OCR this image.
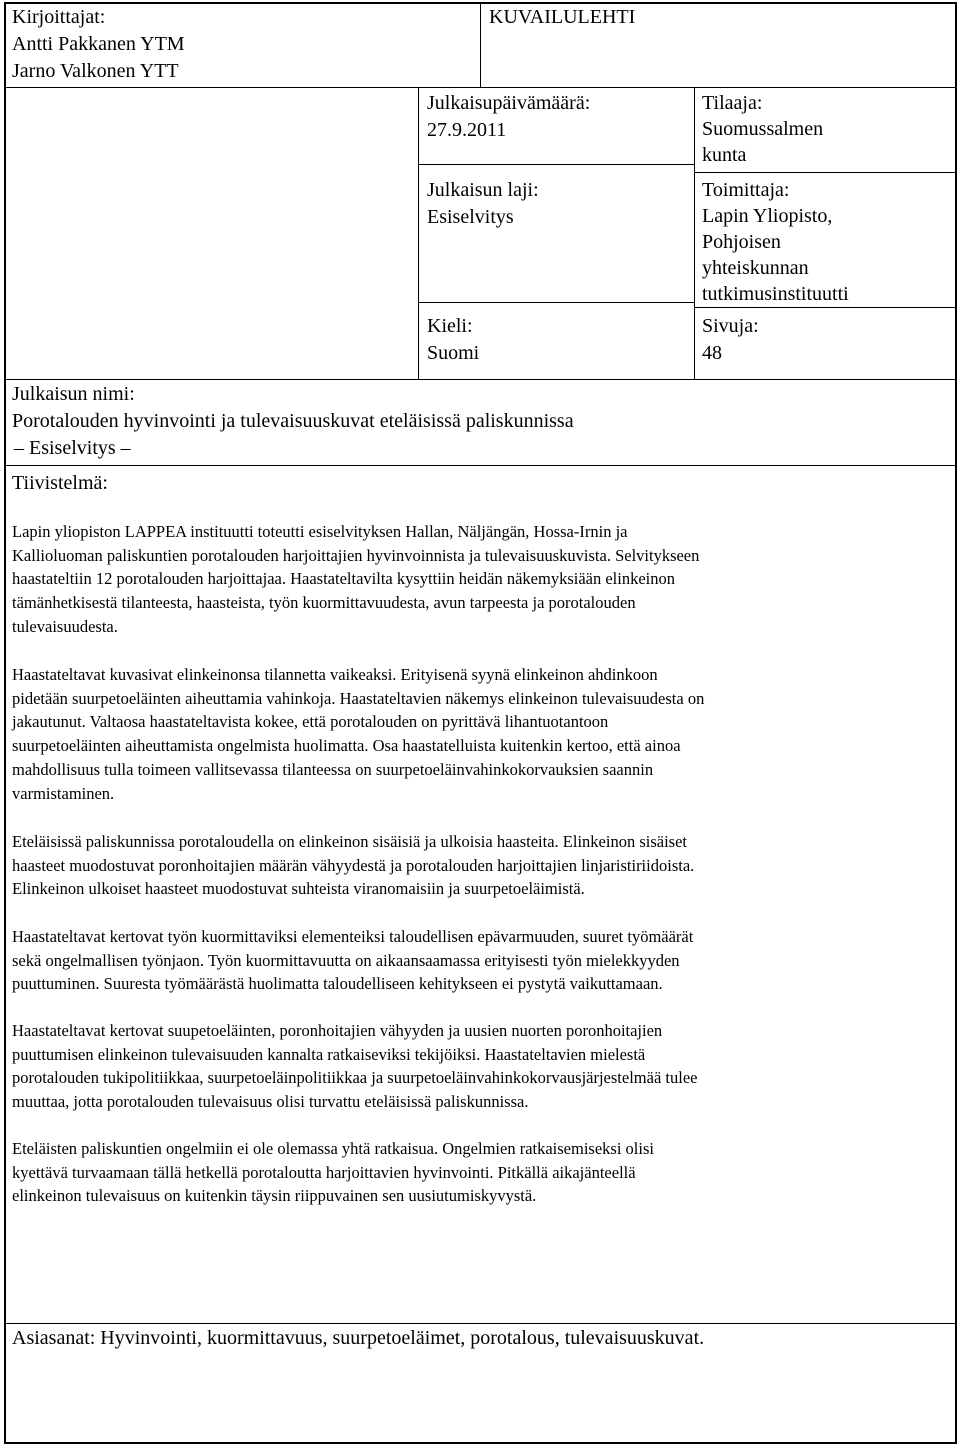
Kirjoittajat:
Antti Pakkanen YTM
Jarno Valkonen YTT
KUVAILULEHTI
Julkaisupäivämäärä:
27.9.2011
Julkaisun laji:
Esiselvitys
Kieli:
Suomi
Tilaaja:
Suomussalmen
kunta
Toimittaja:
Lapin Yliopisto,
Pohjoisen
yhteiskunnan
tutkimusinstituutti
Sivuja:
48
Julkaisun nimi:
Porotalouden hyvinvointi ja tulevaisuuskuvat eteläisissä paliskunnissa
– Esiselvitys –
Tiivistelmä:

Lapin yliopiston LAPPEA instituutti toteutti esiselvityksen Hallan, Näljängän, Hossa-Irnin ja

Kallioluoman paliskuntien porotalouden harjoittajien hyvinvoinnista ja tulevaisuuskuvista. Selvitykseen

haastateltiin 12 porotalouden harjoittajaa. Haastateltavilta kysyttiin heidän näkemyksiään elinkeinon

tämänhetkisestä tilanteesta, haasteista, työn kuormittavuudesta, avun tarpeesta ja porotalouden

tulevaisuudesta.

Haastateltavat kuvasivat elinkeinonsa tilannetta vaikeaksi. Erityisenä syynä elinkeinon ahdinkoon

pidetään suurpetoeläinten aiheuttamia vahinkoja. Haastateltavien näkemys elinkeinon tulevaisuudesta on

jakautunut. Valtaosa haastateltavista kokee, että porotalouden on pyrittävä lihantuotantoon

suurpetoeläinten aiheuttamista ongelmista huolimatta. Osa haastatelluista kuitenkin kertoo, että ainoa

mahdollisuus tulla toimeen vallitsevassa tilanteessa on suurpetoeläinvahinkokorvauksien saannin

varmistaminen.

Eteläisissä paliskunnissa porotaloudella on elinkeinon sisäisiä ja ulkoisia haasteita. Elinkeinon sisäiset

haasteet muodostuvat poronhoitajien määrän vähyydestä ja porotalouden harjoittajien linjaristiriidoista.

Elinkeinon ulkoiset haasteet muodostuvat suhteista viranomaisiin ja suurpetoeläimistä.

Haastateltavat kertovat työn kuormittaviksi elementeiksi taloudellisen epävarmuuden, suuret työmäärät

sekä ongelmallisen työnjaon. Työn kuormittavuutta on aikaansaamassa erityisesti työn mielekkyyden

puuttuminen. Suuresta työmäärästä huolimatta taloudelliseen kehitykseen ei pystytä vaikuttamaan.

Haastateltavat kertovat suupetoeläinten, poronhoitajien vähyyden ja uusien nuorten poronhoitajien

puuttumisen elinkeinon tulevaisuuden kannalta ratkaiseviksi tekijöiksi. Haastateltavien mielestä

porotalouden tukipolitiikkaa, suurpetoeläinpolitiikkaa ja suurpetoeläinvahinkokorvausjärjestelmää tulee

muuttaa, jotta porotalouden tulevaisuus olisi turvattu eteläisissä paliskunnissa.

Eteläisten paliskuntien ongelmiin ei ole olemassa yhtä ratkaisua. Ongelmien ratkaisemiseksi olisi

kyettävä turvaamaan tällä hetkellä porotaloutta harjoittavien hyvinvointi. Pitkällä aikajänteellä

elinkeinon tulevaisuus on kuitenkin täysin riippuvainen sen uusiutumiskyvystä.

Asiasanat: Hyvinvointi, kuormittavuus, suurpetoeläimet, porotalous, tulevaisuuskuvat.
